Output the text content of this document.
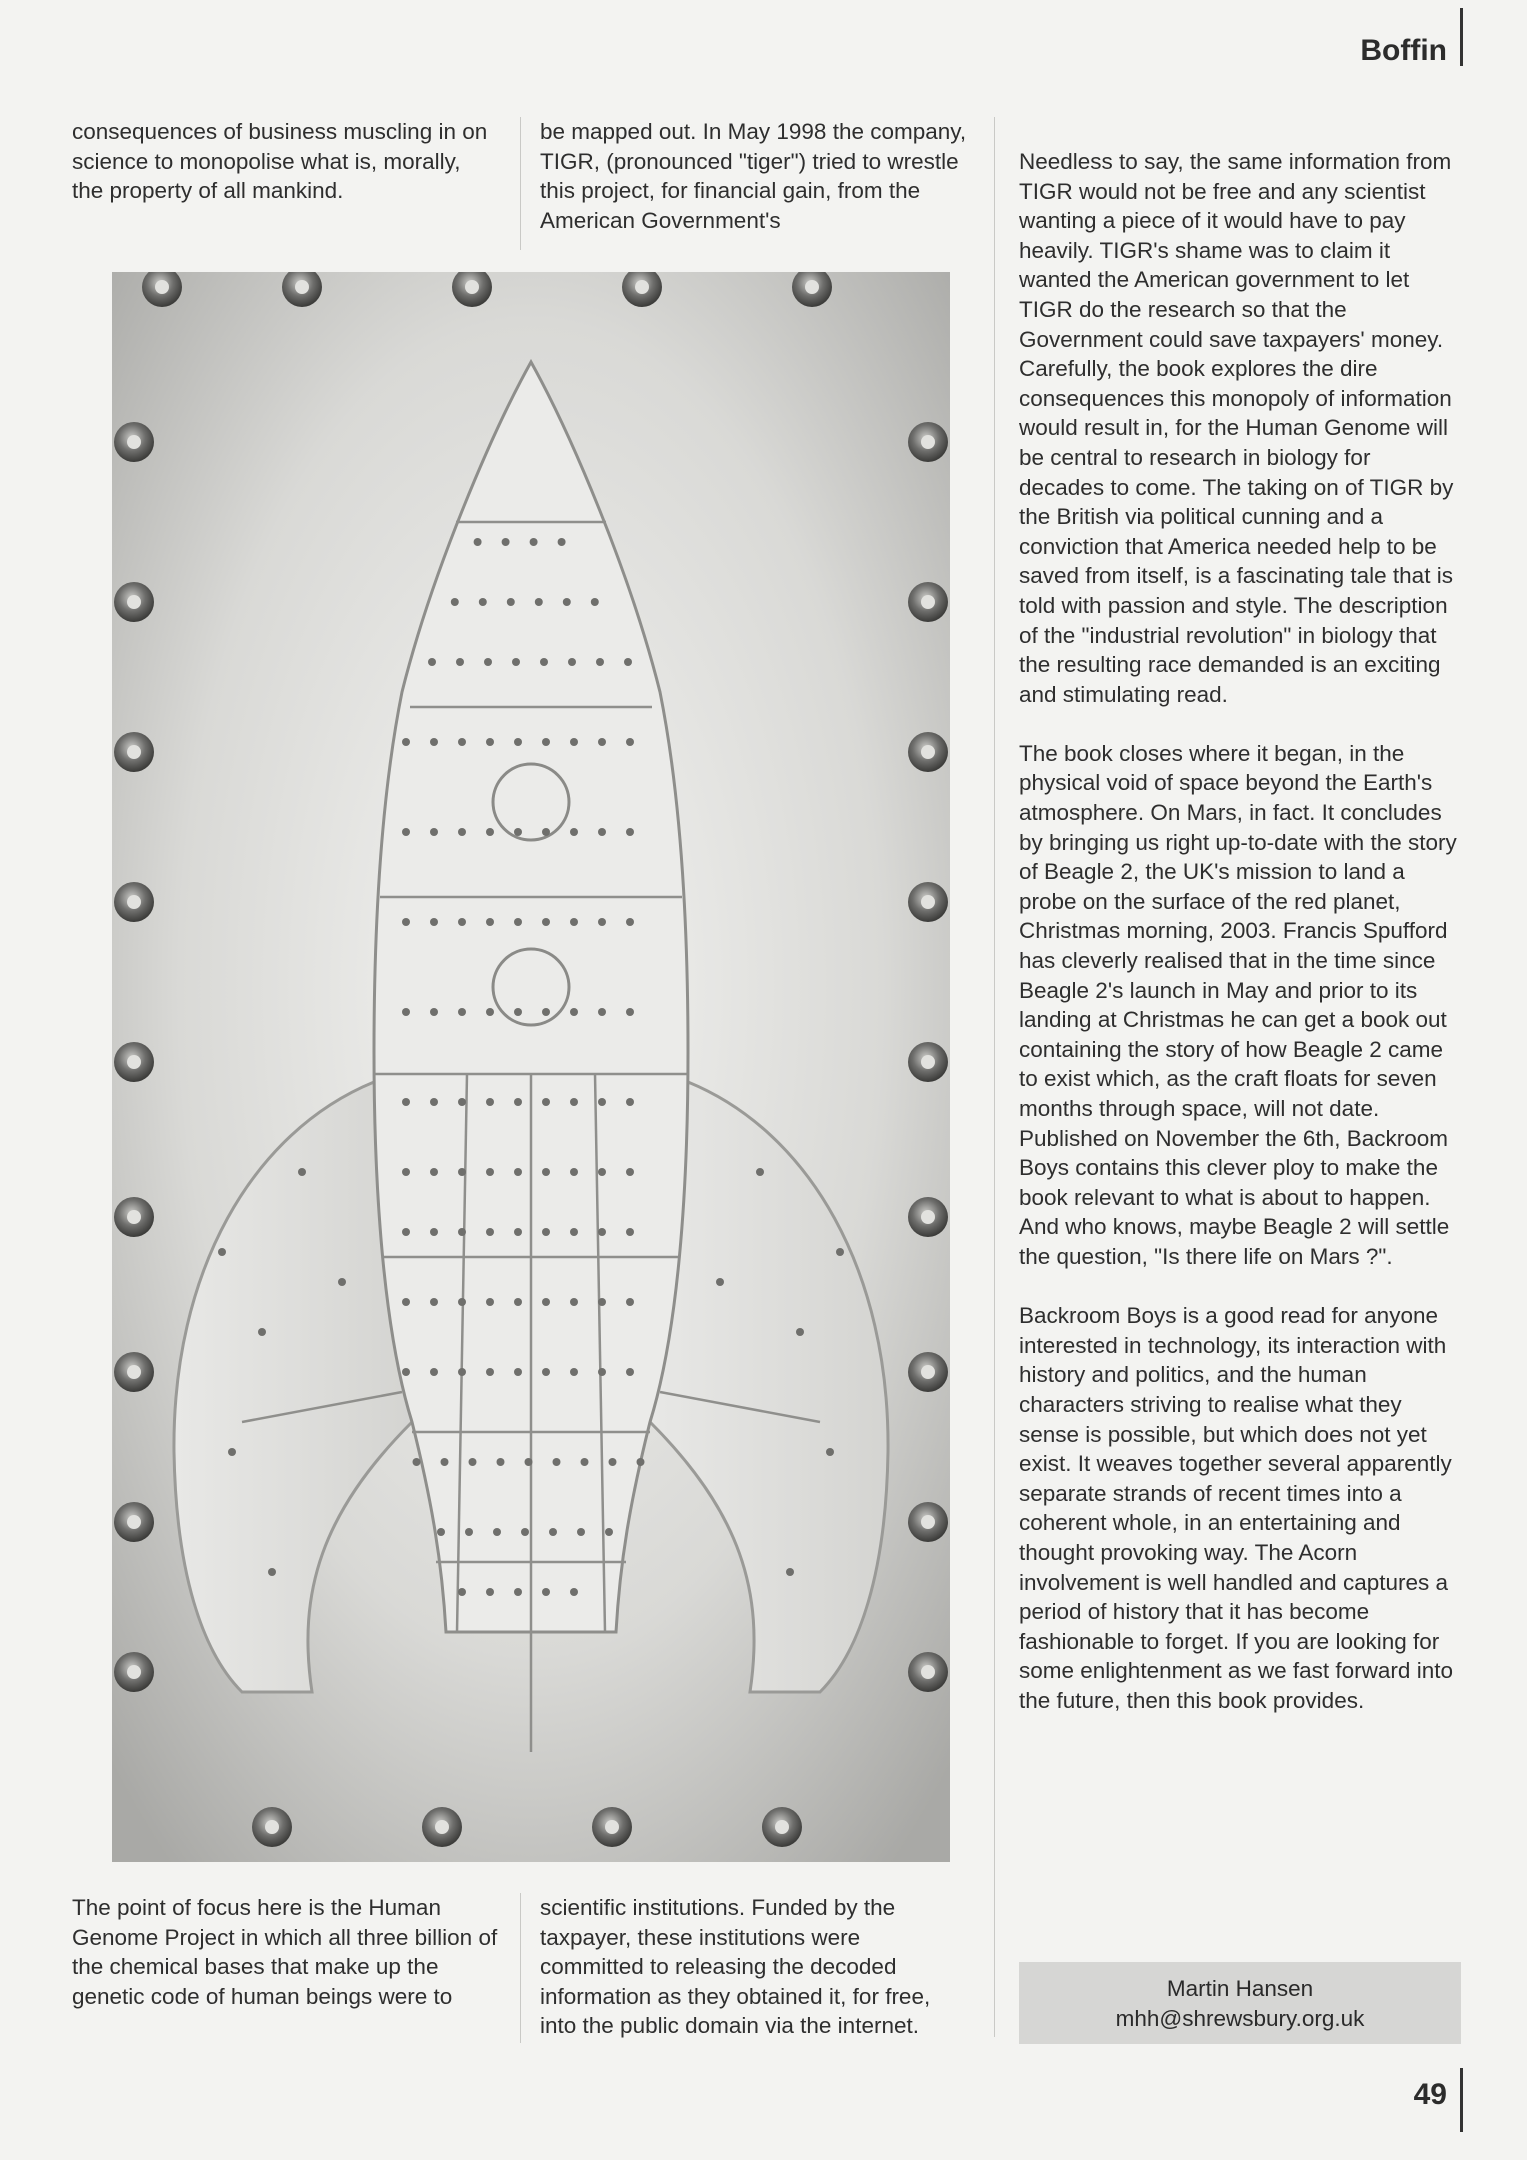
Boffin

consequences of business muscling in on science to monopolise what is, morally, the property of all mankind.

be mapped out. In May 1998 the company, TIGR, (pronounced "tiger") tried to wrestle this project, for financial gain, from the American Government's

Needless to say, the same information from TIGR would not be free and any scientist wanting a piece of it would have to pay heavily. TIGR's shame was to claim it wanted the American government to let TIGR do the research so that the Government could save taxpayers' money. Carefully, the book explores the dire consequences this monopoly of information would result in, for the Human Genome will be central to research in biology for decades to come. The taking on of TIGR by the British via political cunning and a conviction that America needed help to be saved from itself, is a fascinating tale that is told with passion and style. The description of the "industrial revolution" in biology that the resulting race demanded is an exciting and stimulating read.

The book closes where it began, in the physical void of space beyond the Earth's atmosphere. On Mars, in fact. It concludes by bringing us right up-to-date with the story of Beagle 2, the UK's mission to land a probe on the surface of the red planet, Christmas morning, 2003. Francis Spufford has cleverly realised that in the time since Beagle 2's launch in May and prior to its landing at Christmas he can get a book out containing the story of how Beagle 2 came to exist which, as the craft floats for seven months through space, will not date. Published on November the 6th, Backroom Boys contains this clever ploy to make the book relevant to what is about to happen. And who knows, maybe Beagle 2 will settle the question, "Is there life on Mars ?".

Backroom Boys is a good read for anyone interested in technology, its interaction with history and politics, and the human characters striving to realise what they sense is possible, but which does not yet exist. It weaves together several apparently separate strands of recent times into a coherent whole, in an entertaining and thought provoking way. The Acorn involvement is well handled and captures a period of history that it has become fashionable to forget. If you are looking for some enlightenment as we fast forward into the future, then this book provides.

The point of focus here is the Human Genome Project in which all three billion of the chemical bases that make up the genetic code of human beings were to

scientific institutions. Funded by the taxpayer, these institutions were committed to releasing the decoded information as they obtained it, for free, into the public domain via the internet.

Martin Hansen
mhh@shrewsbury.org.uk
49
